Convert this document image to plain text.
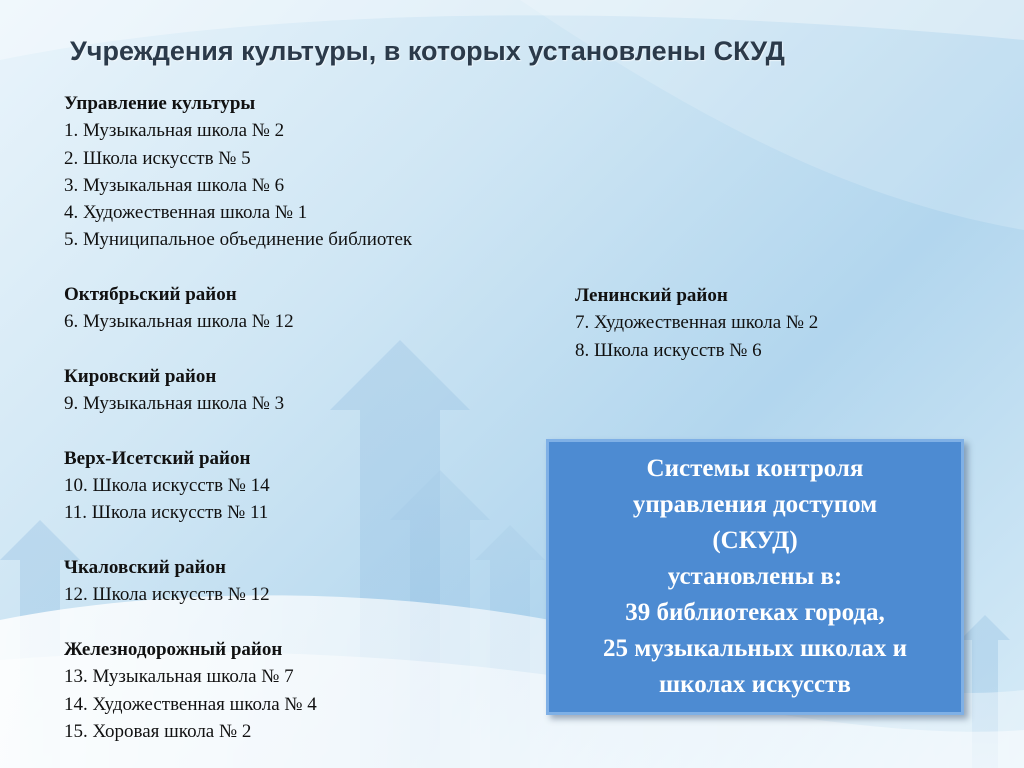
Учреждения культуры, в которых установлены СКУД
Управление культуры
1. Музыкальная школа № 2
2. Школа искусств № 5
3. Музыкальная школа № 6
4. Художественная школа № 1
5. Муниципальное объединение библиотек
Октябрьский район
6. Музыкальная школа № 12
Кировский район
9. Музыкальная школа № 3
Верх-Исетский район
10. Школа искусств № 14
11. Школа искусств № 11
Чкаловский район
12. Школа искусств № 12
Железнодорожный район
13. Музыкальная школа № 7
14. Художественная школа № 4
15. Хоровая школа № 2
Ленинский район
7. Художественная школа № 2
8. Школа искусств № 6
Системы контроля
управления доступом
(СКУД)
установлены в:
39 библиотеках города,
25 музыкальных школах и
школах искусств
